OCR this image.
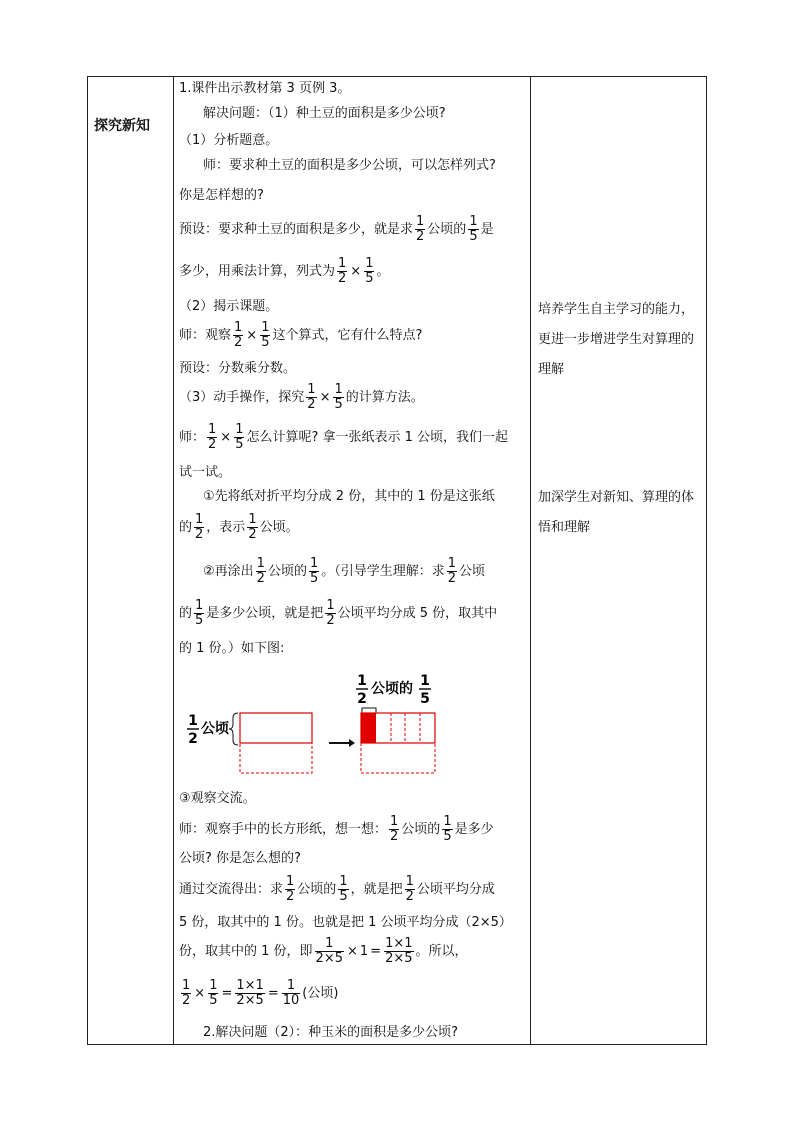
探究新知
1.课件出示教材第 3 页例 3。
解决问题：（1）种土豆的面积是多少公顷?
（1）分析题意。
师：要求种土豆的面积是多少公顷，可以怎样列式?
你是怎样想的?
预设：要求种土豆的面积是多少，就是求 $\frac{1}{2}$ 公顷的 $\frac{1}{5}$ 是
多少，用乘法计算，列式为 $\frac{1}{2} \times \frac{1}{5}$ 。
（2）揭示课题。
师：观察 $\frac{1}{2} \times \frac{1}{5}$ 这个算式，它有什么特点?
预设：分数乘分数。
（3）动手操作，探究 $\frac{1}{2} \times \frac{1}{5}$ 的计算方法。
师： $\frac{1}{2} \times \frac{1}{5}$ 怎么计算呢? 拿一张纸表示 1 公顷，我们一起
试一试。
①先将纸对折平均分成 2 份，其中的 1 份是这张纸
的 $\frac{1}{2}$ ，表示 $\frac{1}{2}$ 公顷。
②再涂出 $\frac{1}{2}$ 公顷的 $\frac{1}{5}$ 。（引导学生理解：求 $\frac{1}{2}$ 公顷
的 $\frac{1}{5}$ 是多少公顷，就是把 $\frac{1}{2}$ 公顷平均分成 5 份，取其中
的 1 份。）如下图:
1
2
公顷的 1
5
1
2
公顷
③观察交流。
师：观察手中的长方形纸，想一想： $\frac{1}{2}$ 公顷的 $\frac{1}{5}$ 是多少
公顷? 你是怎么想的?
通过交流得出：求 $\frac{1}{2}$ 公顷的 $\frac{1}{5}$ ，就是把 $\frac{1}{2}$ 公顷平均分成
5 份，取其中的 1 份。也就是把 1 公顷平均分成（2×5）
份，取其中的 1 份，即 $\frac{1}{2\times 5} \times 1 = \frac{1\times 1}{2\times 5}$ 。所以，
$\frac{1}{2} \times \frac{1}{5} = \frac{1\times 1}{2\times 5} = \frac{1}{10}$ (公顷)
2.解决问题（2）：种玉米的面积是多少公顷?
培养学生自主学习的能力，更进一步增进学生对算理的理解
加深学生对新知、算理的体悟和理解
